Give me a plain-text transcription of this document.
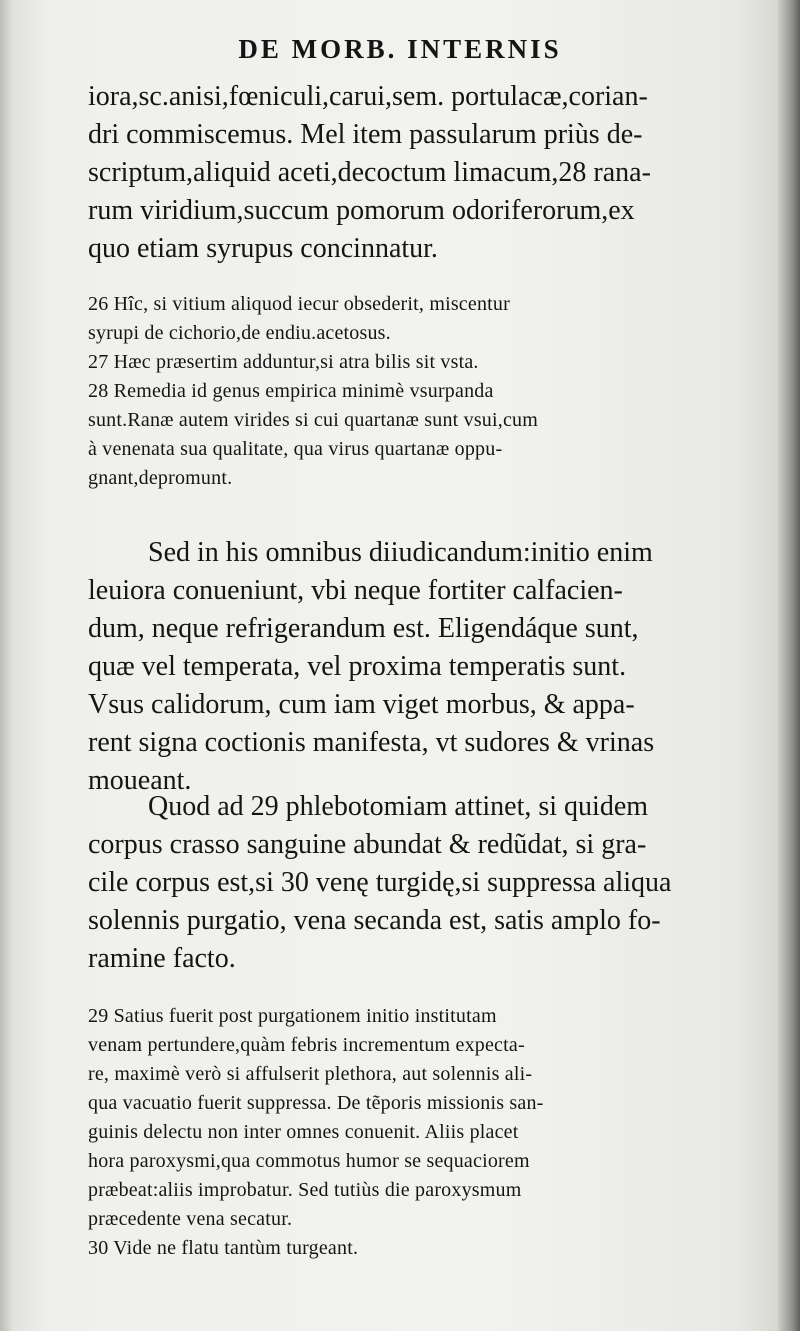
DE MORB. INTERNIS
iora,sc.anisi,fœniculi,carui,sem. portulacæ,corian-
dri commiscemus. Mel item passularum priùs de-
scriptum,aliquid aceti,decoctum limacum,28 rana-
rum viridium,succum pomorum odoriferorum,ex
quo etiam syrupus concinnatur.
26 Hîc, si vitium aliquod iecur obsederit, miscentur
syrupi de cichorio,de endiu.acetosus.
27 Hæc præsertim adduntur,si atra bilis sit vsta.
28 Remedia id genus empirica minimè vsurpanda
sunt.Ranæ autem virides si cui quartanæ sunt vsui,cum
à venenata sua qualitate, qua virus quartanæ oppu-
gnant,depromunt.
Sed in his omnibus diiudicandum:initio enim
leuiora conueniunt, vbi neque fortiter calfacien-
dum, neque refrigerandum est. Eligendáque sunt,
quæ vel temperata, vel proxima temperatis sunt.
Vsus calidorum, cum iam viget morbus, & appa-
rent signa coctionis manifesta, vt sudores & vrinas
moueant.
Quod ad 29 phlebotomiam attinet, si quidem
corpus crasso sanguine abundat & redũdat, si gra-
cile corpus est,si 30 venę turgidę,si suppressa aliqua
solennis purgatio, vena secanda est, satis amplo fo-
ramine facto.
29 Satius fuerit post purgationem initio institutam
venam pertundere,quàm febris incrementum expecta-
re, maximè verò si affulserit plethora, aut solennis ali-
qua vacuatio fuerit suppressa. De tẽporis missionis san-
guinis delectu non inter omnes conuenit. Aliis placet
hora paroxysmi,qua commotus humor se sequaciorem
præbeat:aliis improbatur. Sed tutiùs die paroxysmum
præcedente vena secatur.
30 Vide ne flatu tantùm turgeant.
